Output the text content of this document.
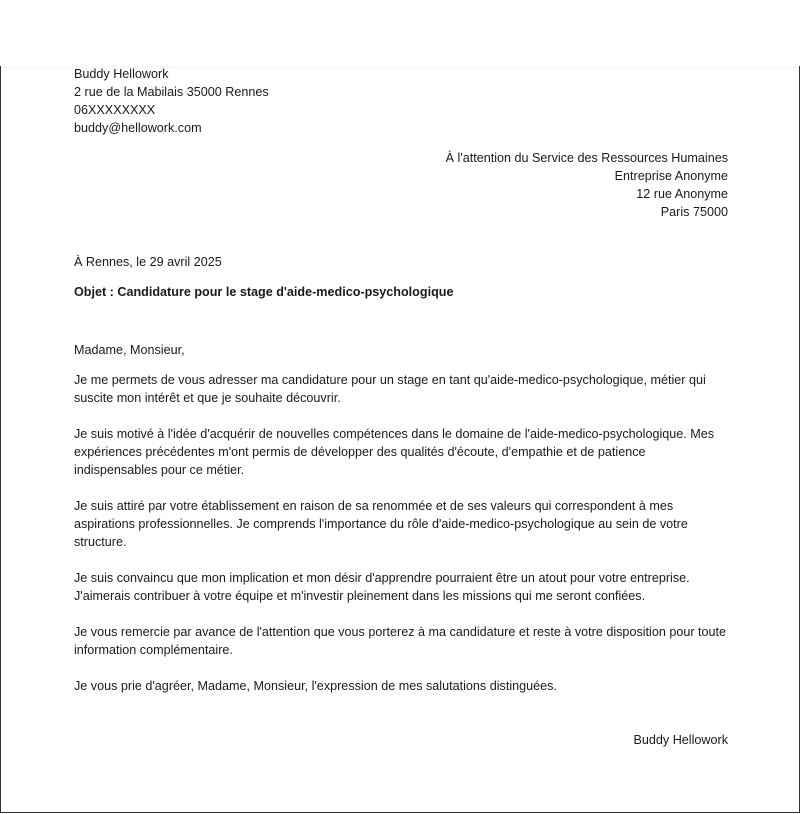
Buddy Hellowork
2 rue de la Mabilais 35000 Rennes
06XXXXXXXX
buddy@hellowork.com
À l'attention du Service des Ressources Humaines
Entreprise Anonyme
12 rue Anonyme
Paris 75000
À Rennes, le 29 avril 2025
Objet : Candidature pour le stage d'aide-medico-psychologique
Madame, Monsieur,

Je me permets de vous adresser ma candidature pour un stage en tant qu'aide-medico-psychologique, métier qui suscite mon intérêt et que je souhaite découvrir.

Je suis motivé à l'idée d'acquérir de nouvelles compétences dans le domaine de l'aide-medico-psychologique. Mes expériences précédentes m'ont permis de développer des qualités d'écoute, d'empathie et de patience indispensables pour ce métier.

Je suis attiré par votre établissement en raison de sa renommée et de ses valeurs qui correspondent à mes aspirations professionnelles. Je comprends l'importance du rôle d'aide-medico-psychologique au sein de votre structure.

Je suis convaincu que mon implication et mon désir d'apprendre pourraient être un atout pour votre entreprise. J'aimerais contribuer à votre équipe et m'investir pleinement dans les missions qui me seront confiées.

Je vous remercie par avance de l'attention que vous porterez à ma candidature et reste à votre disposition pour toute information complémentaire.

Je vous prie d'agréer, Madame, Monsieur, l'expression de mes salutations distinguées.

Buddy Hellowork
